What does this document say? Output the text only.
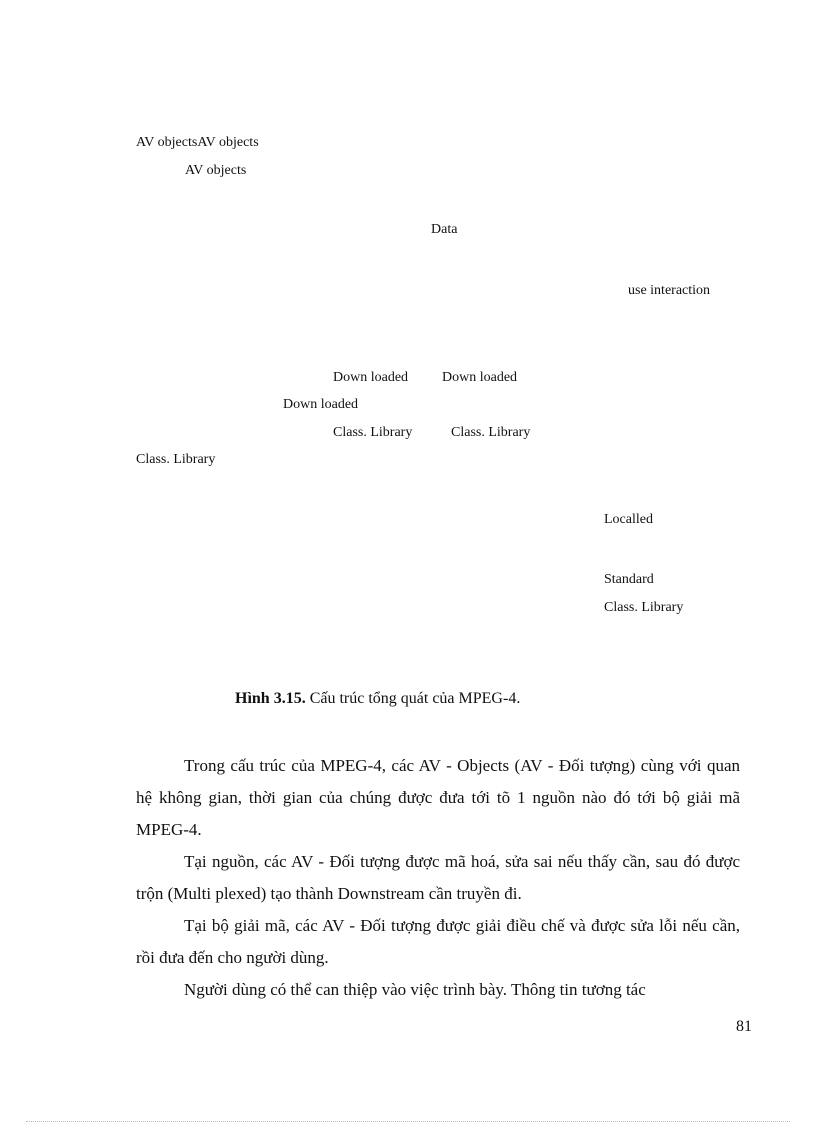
AV objectsAV objects
AV objects
Data
use interaction
Down loaded Down loaded
Down loaded
Class. Library	Class. Library
Class. Library
Localled
Standard
Class. Library
Hình 3.15. Cấu trúc tổng quát của MPEG-4.

Trong cấu trúc của MPEG-4, các AV - Objects (AV - Đối tượng) cùng với quan hệ không gian, thời gian của chúng được đưa tới tõ 1 nguồn nào đó tới bộ giải mã MPEG-4.

Tại nguồn, các AV - Đối tượng được mã hoá, sửa sai nếu thấy cần, sau đó được trộn (Multi plexed) tạo thành Downstream cần truyền đi.

Tại bộ giải mã, các AV - Đối tượng được giải điều chế và được sửa lỗi nếu cần, rồi đưa đến cho người dùng.

Người dùng có thể can thiệp vào việc trình bày. Thông tin tương tác

81
